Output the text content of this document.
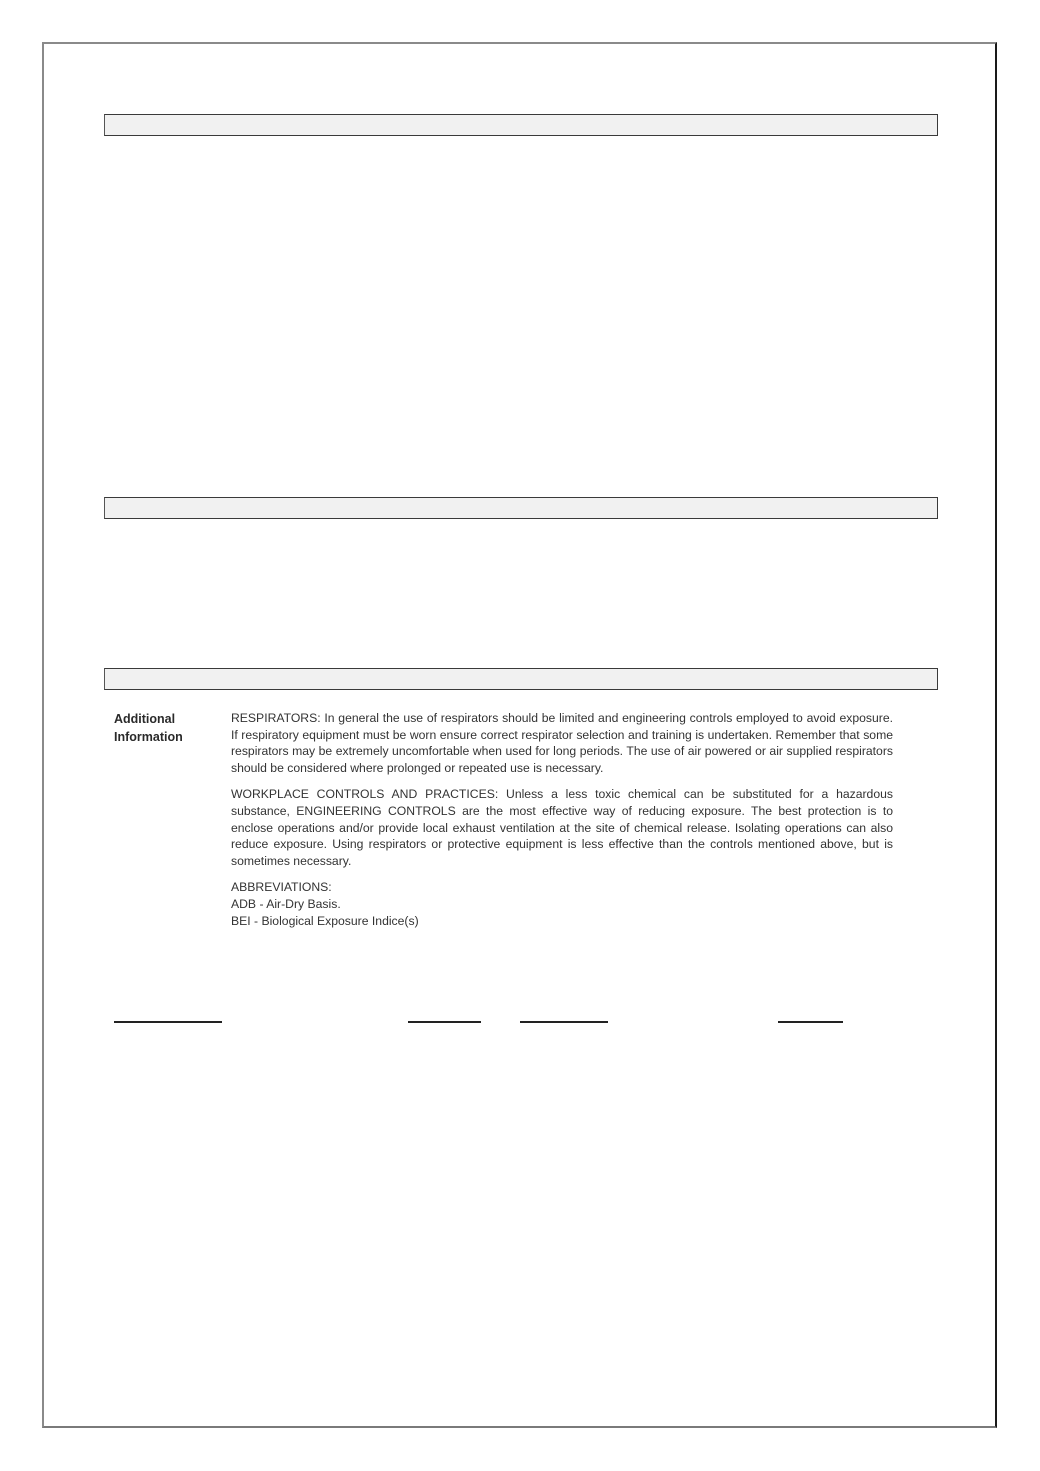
Additional
Information

RESPIRATORS: In general the use of respirators should be limited and engineering controls employed to avoid exposure. If respiratory equipment must be worn ensure correct respirator selection and training is undertaken. Remember that some respirators may be extremely uncomfortable when used for long periods. The use of air powered or air supplied respirators should be considered where prolonged or repeated use is necessary.

WORKPLACE CONTROLS AND PRACTICES: Unless a less toxic chemical can be substituted for a hazardous substance, ENGINEERING CONTROLS are the most effective way of reducing exposure. The best protection is to enclose operations and/or provide local exhaust ventilation at the site of chemical release. Isolating operations can also reduce exposure. Using respirators or protective equipment is less effective than the controls mentioned above, but is sometimes necessary.

ABBREVIATIONS:
ADB - Air-Dry Basis.
BEI - Biological Exposure Indice(s)
